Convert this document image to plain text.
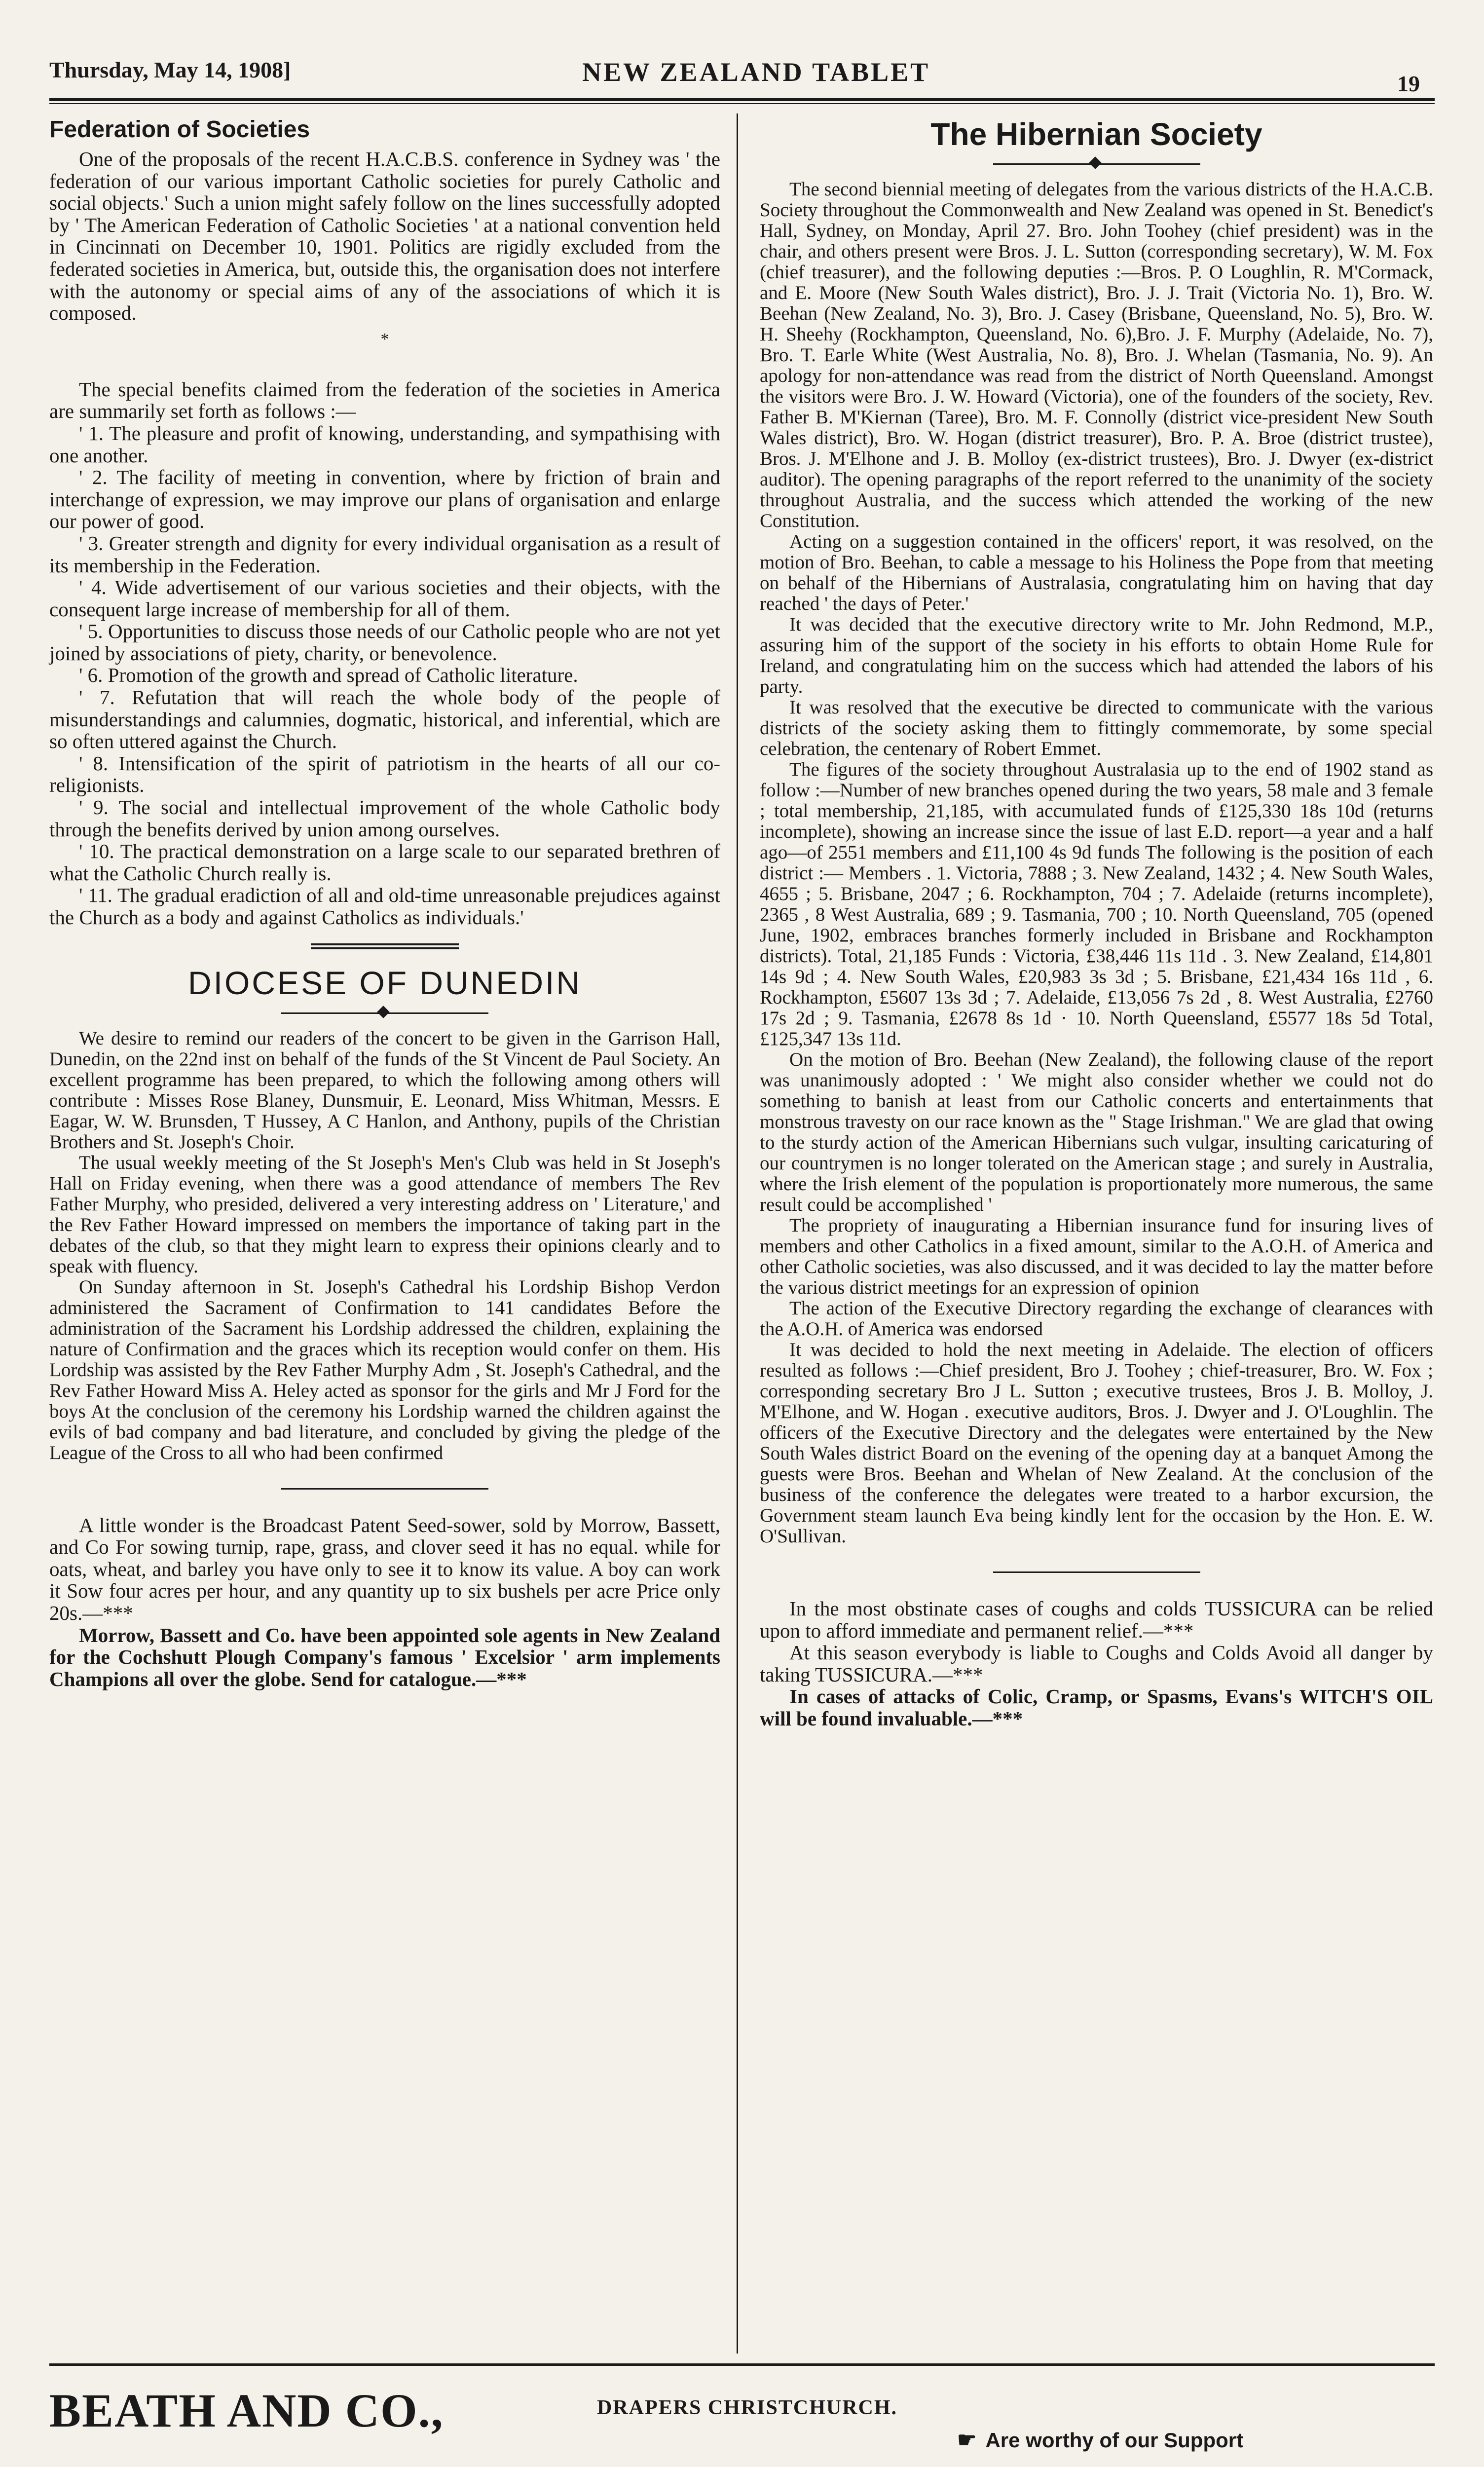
Thursday, May 14, 1908]	NEW ZEALAND TABLET	19
Federation of Societies

One of the proposals of the recent H.A.C.B.S. conference in Sydney was ' the federation of our various important Catholic societies for purely Catholic and social objects.' Such a union might safely follow on the lines successfully adopted by ' The American Federation of Catholic Societies ' at a national convention held in Cincinnati on December 10, 1901. Politics are rigidly excluded from the federated societies in America, but, outside this, the organisation does not interfere with the autonomy or special aims of any of the associations of which it is composed.

*

The special benefits claimed from the federation of the societies in America are summarily set forth as follows :—

' 1. The pleasure and profit of knowing, understanding, and sympathising with one another.

' 2. The facility of meeting in convention, where by friction of brain and interchange of expression, we may improve our plans of organisation and enlarge our power of good.

' 3. Greater strength and dignity for every individual organisation as a result of its membership in the Federation.

' 4. Wide advertisement of our various societies and their objects, with the consequent large increase of membership for all of them.

' 5. Opportunities to discuss those needs of our Catholic people who are not yet joined by associations of piety, charity, or benevolence.

' 6. Promotion of the growth and spread of Catholic literature.

' 7. Refutation that will reach the whole body of the people of misunderstandings and calumnies, dogmatic, historical, and inferential, which are so often uttered against the Church.

' 8. Intensification of the spirit of patriotism in the hearts of all our co-religionists.

' 9. The social and intellectual improvement of the whole Catholic body through the benefits derived by union among ourselves.

' 10. The practical demonstration on a large scale to our separated brethren of what the Catholic Church really is.

' 11. The gradual eradiction of all and old-time unreasonable prejudices against the Church as a body and against Catholics as individuals.'

DIOCESE OF DUNEDIN

We desire to remind our readers of the concert to be given in the Garrison Hall, Dunedin, on the 22nd inst on behalf of the funds of the St Vincent de Paul Society. An excellent programme has been prepared, to which the following among others will contribute : Misses Rose Blaney, Dunsmuir, E. Leonard, Miss Whitman, Messrs. E Eagar, W. W. Brunsden, T Hussey, A C Hanlon, and Anthony, pupils of the Christian Brothers and St. Joseph's Choir.

The usual weekly meeting of the St Joseph's Men's Club was held in St Joseph's Hall on Friday evening, when there was a good attendance of members The Rev Father Murphy, who presided, delivered a very interesting address on ' Literature,' and the Rev Father Howard impressed on members the importance of taking part in the debates of the club, so that they might learn to express their opinions clearly and to speak with fluency.

On Sunday afternoon in St. Joseph's Cathedral his Lordship Bishop Verdon administered the Sacrament of Confirmation to 141 candidates Before the administration of the Sacrament his Lordship addressed the children, explaining the nature of Confirmation and the graces which its reception would confer on them. His Lordship was assisted by the Rev Father Murphy Adm , St. Joseph's Cathedral, and the Rev Father Howard Miss A. Heley acted as sponsor for the girls and Mr J Ford for the boys At the conclusion of the ceremony his Lordship warned the children against the evils of bad company and bad literature, and concluded by giving the pledge of the League of the Cross to all who had been confirmed

A little wonder is the Broadcast Patent Seed-sower, sold by Morrow, Bassett, and Co For sowing turnip, rape, grass, and clover seed it has no equal. while for oats, wheat, and barley you have only to see it to know its value. A boy can work it Sow four acres per hour, and any quantity up to six bushels per acre Price only 20s.—***

Morrow, Bassett and Co. have been appointed sole agents in New Zealand for the Cochshutt Plough Company's famous ' Excelsior ' arm implements Champions all over the globe. Send for catalogue.—***

The Hibernian Society

The second biennial meeting of delegates from the various districts of the H.A.C.B. Society throughout the Commonwealth and New Zealand was opened in St. Benedict's Hall, Sydney, on Monday, April 27. Bro. John Toohey (chief president) was in the chair, and others present were Bros. J. L. Sutton (corresponding secretary), W. M. Fox (chief treasurer), and the following deputies :—Bros. P. O Loughlin, R. M'Cormack, and E. Moore (New South Wales district), Bro. J. J. Trait (Victoria No. 1), Bro. W. Beehan (New Zealand, No. 3), Bro. J. Casey (Brisbane, Queensland, No. 5), Bro. W. H. Sheehy (Rockhampton, Queensland, No. 6),Bro. J. F. Murphy (Adelaide, No. 7), Bro. T. Earle White (West Australia, No. 8), Bro. J. Whelan (Tasmania, No. 9). An apology for non-attendance was read from the district of North Queensland. Amongst the visitors were Bro. J. W. Howard (Victoria), one of the founders of the society, Rev. Father B. M'Kiernan (Taree), Bro. M. F. Connolly (district vice-president New South Wales district), Bro. W. Hogan (district treasurer), Bro. P. A. Broe (district trustee), Bros. J. M'Elhone and J. B. Molloy (ex-district trustees), Bro. J. Dwyer (ex-district auditor). The opening paragraphs of the report referred to the unanimity of the society throughout Australia, and the success which attended the working of the new Constitution.

Acting on a suggestion contained in the officers' report, it was resolved, on the motion of Bro. Beehan, to cable a message to his Holiness the Pope from that meeting on behalf of the Hibernians of Australasia, congratulating him on having that day reached ' the days of Peter.'

It was decided that the executive directory write to Mr. John Redmond, M.P., assuring him of the support of the society in his efforts to obtain Home Rule for Ireland, and congratulating him on the success which had attended the labors of his party.

It was resolved that the executive be directed to communicate with the various districts of the society asking them to fittingly commemorate, by some special celebration, the centenary of Robert Emmet.

The figures of the society throughout Australasia up to the end of 1902 stand as follow :—Number of new branches opened during the two years, 58 male and 3 female ; total membership, 21,185, with accumulated funds of £125,330 18s 10d (returns incomplete), showing an increase since the issue of last E.D. report—a year and a half ago—of 2551 members and £11,100 4s 9d funds The following is the position of each district :— Members . 1. Victoria, 7888 ; 3. New Zealand, 1432 ; 4. New South Wales, 4655 ; 5. Brisbane, 2047 ; 6. Rockhampton, 704 ; 7. Adelaide (returns incomplete), 2365 , 8 West Australia, 689 ; 9. Tasmania, 700 ; 10. North Queensland, 705 (opened June, 1902, embraces branches formerly included in Brisbane and Rockhampton districts). Total, 21,185 Funds : Victoria, £38,446 11s 11d . 3. New Zealand, £14,801 14s 9d ; 4. New South Wales, £20,983 3s 3d ; 5. Brisbane, £21,434 16s 11d , 6. Rockhampton, £5607 13s 3d ; 7. Adelaide, £13,056 7s 2d , 8. West Australia, £2760 17s 2d ; 9. Tasmania, £2678 8s 1d · 10. North Queensland, £5577 18s 5d Total, £125,347 13s 11d.

On the motion of Bro. Beehan (New Zealand), the following clause of the report was unanimously adopted : ' We might also consider whether we could not do something to banish at least from our Catholic concerts and entertainments that monstrous travesty on our race known as the " Stage Irishman." We are glad that owing to the sturdy action of the American Hibernians such vulgar, insulting caricaturing of our countrymen is no longer tolerated on the American stage ; and surely in Australia, where the Irish element of the population is proportionately more numerous, the same result could be accomplished '

The propriety of inaugurating a Hibernian insurance fund for insuring lives of members and other Catholics in a fixed amount, similar to the A.O.H. of America and other Catholic societies, was also discussed, and it was decided to lay the matter before the various district meetings for an expression of opinion

The action of the Executive Directory regarding the exchange of clearances with the A.O.H. of America was endorsed

It was decided to hold the next meeting in Adelaide. The election of officers resulted as follows :—Chief president, Bro J. Toohey ; chief-treasurer, Bro. W. Fox ; corresponding secretary Bro J L. Sutton ; executive trustees, Bros J. B. Molloy, J. M'Elhone, and W. Hogan . executive auditors, Bros. J. Dwyer and J. O'Loughlin. The officers of the Executive Directory and the delegates were entertained by the New South Wales district Board on the evening of the opening day at a banquet Among the guests were Bros. Beehan and Whelan of New Zealand. At the conclusion of the business of the conference the delegates were treated to a harbor excursion, the Government steam launch Eva being kindly lent for the occasion by the Hon. E. W. O'Sullivan.

In the most obstinate cases of coughs and colds TUSSICURA can be relied upon to afford immediate and permanent relief.—***

At this season everybody is liable to Coughs and Colds Avoid all danger by taking TUSSICURA.—***

In cases of attacks of Colic, Cramp, or Spasms, Evans's WITCH'S OIL will be found invaluable.—***

BEATH AND CO.,	DRAPERS CHRISTCHURCH.
☛ Are worthy of our Support
